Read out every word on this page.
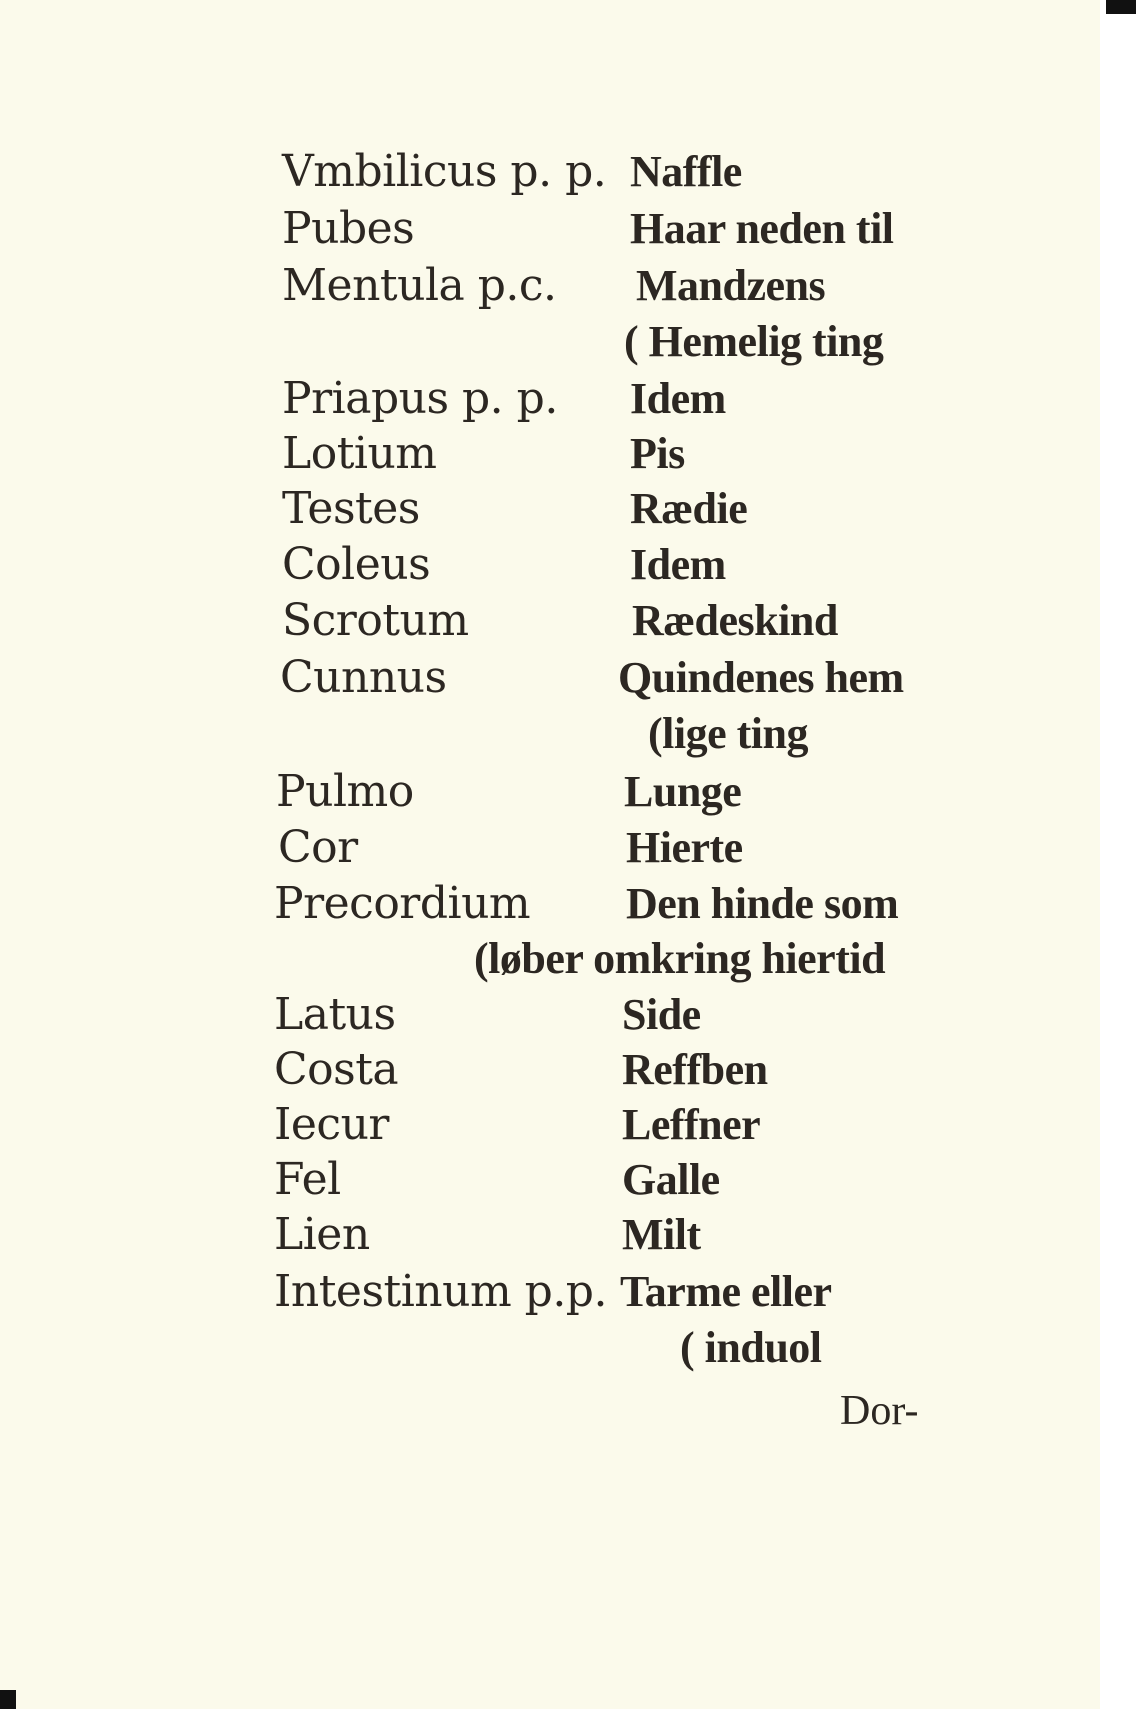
Vmbilicus p. p.
Pubes
Mentula p.c.
Priapus p. p.
Lotium
Testes
Coleus
Scrotum
Cunnus
Pulmo
Cor
Precordium
Latus
Costa
Iecur
Fel
Lien
Intestinum p.p.
Naffle
Haar neden til
Mandzens
( Hemelig ting
Idem
Pis
Rædie
Idem
Rædeskind
Quindenes hem
(lige ting
Lunge
Hierte
Den hinde som
(løber omkring hiertid
Side
Reffben
Leffner
Galle
Milt
Tarme eller
( induol
Dor-
